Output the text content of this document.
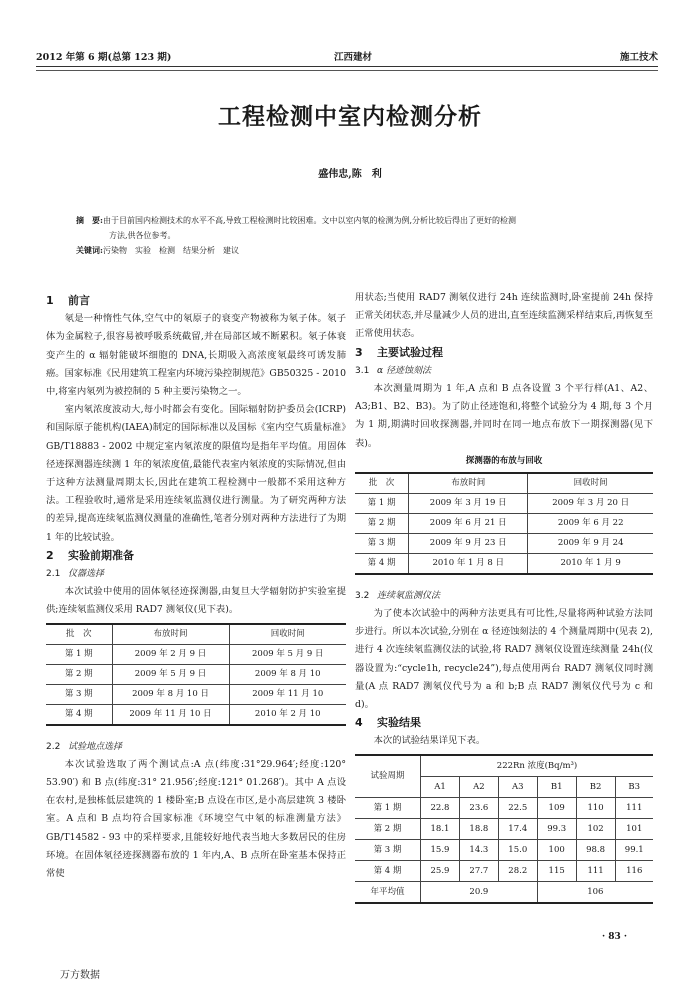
2012 年第 6 期(总第 123 期)	江西建材	施工技术
工程检测中室内检测分析
盛伟忠,陈　利
摘　要:由于目前国内检测技术的水平不高,导致工程检测时比较困难。文中以室内氡的检测为例,分析比较后得出了更好的检测
方法,供各位参考。
关键词:污染物　实验　检测　结果分析　建议

1 前言

氡是一种惰性气体,空气中的氡原子的衰变产物被称为氡子体。氡子体为金属粒子,很容易被呼吸系统截留,并在局部区域不断累积。氡子体衰变产生的 α 辐射能破坏细胞的 DNA,长期吸入高浓度氡最终可诱发肺癌。国家标准《民用建筑工程室内环境污染控制规范》GB50325 - 2010 中,将室内氡列为被控制的 5 种主要污染物之一。

室内氡浓度波动大,每小时都会有变化。国际辐射防护委员会(ICRP)和国际原子能机构(IAEA)制定的国际标准以及国标《室内空气质量标准》GB/T18883 - 2002 中规定室内氡浓度的限值均是指年平均值。用固体径迹探测器连续测 1 年的氡浓度值,最能代表室内氡浓度的实际情况,但由于这种方法测量周期太长,因此在建筑工程检测中一般都不采用这种方法。工程验收时,通常是采用连续氡监测仪进行测量。为了研究两种方法的差异,提高连续氡监测仪测量的准确性,笔者分别对两种方法进行了为期 1 年的比较试验。

2 实验前期准备

2.1 仪器选择

本次试验中使用的固体氡径迹探测器,由复旦大学辐射防护实验室提供;连续氡监测仪采用 RAD7 测氡仪(见下表)。

批　次	布放时间	回收时间
第 1 期	2009 年 2 月 9 日	2009 年 5 月 9 日
第 2 期	2009 年 5 月 9 日	2009 年 8 月 10
第 3 期	2009 年 8 月 10 日	2009 年 11 月 10
第 4 期	2009 年 11 月 10 日	2010 年 2 月 10

2.2 试验地点选择

本次试验选取了两个测试点:A 点(纬度:31°29.964′;经度:120° 53.90′) 和 B 点(纬度:31° 21.956′;经度:121° 01.268′)。其中 A 点设在农村,是独栋低层建筑的 1 楼卧室;B 点设在市区,是小高层建筑 3 楼卧室。A 点和 B 点均符合国家标准《环境空气中氡的标准测量方法》GB/T14582 - 93 中的采样要求,且能较好地代表当地大多数居民的住房环境。在固体氡径迹探测器布放的 1 年内,A、B 点所在卧室基本保持正常使

用状态;当使用 RAD7 测氡仪进行 24h 连续监测时,卧室提前 24h 保持正常关闭状态,并尽量减少人员的进出,直至连续监测采样结束后,再恢复至正常使用状态。

3 主要试验过程

3.1 α 径迹蚀刻法

本次测量周期为 1 年,A 点和 B 点各设置 3 个平行样(A1、A2、A3;B1、B2、B3)。为了防止径迹饱和,将整个试验分为 4 期,每 3 个月为 1 期,期满时回收探测器,并同时在同一地点布放下一期探测器(见下表)。

探测器的布放与回收

批　次	布放时间	回收时间
第 1 期	2009 年 3 月 19 日	2009 年 3 月 20 日
第 2 期	2009 年 6 月 21 日	2009 年 6 月 22
第 3 期	2009 年 9 月 23 日	2009 年 9 月 24
第 4 期	2010 年 1 月 8 日	2010 年 1 月 9

3.2 连续氡监测仪法

为了使本次试验中的两种方法更具有可比性,尽量将两种试验方法同步进行。所以本次试验,分别在 α 径迹蚀刻法的 4 个测量周期中(见表 2),进行 4 次连续氡监测仪法的试验,将 RAD7 测氡仪设置连续测量 24h(仪器设置为:“cycle1h, recycle24”),每点使用两台 RAD7 测氡仪同时测量(A 点 RAD7 测氡仪代号为 a 和 b;B 点 RAD7 测氡仪代号为 c 和 d)。

4 实验结果

本次的试验结果详见下表。

试验周期	222Rn 浓度(Bq/m³)					
	A1	A2	A3	B1	B2	B3
第 1 期	22.8	23.6	22.5	109	110	111
第 2 期	18.1	18.8	17.4	99.3	102	101
第 3 期	15.9	14.3	15.0	100	98.8	99.1
第 4 期	25.9	27.7	28.2	115	111	116
年平均值	20.9			106		
· 83 ·
万方数据
